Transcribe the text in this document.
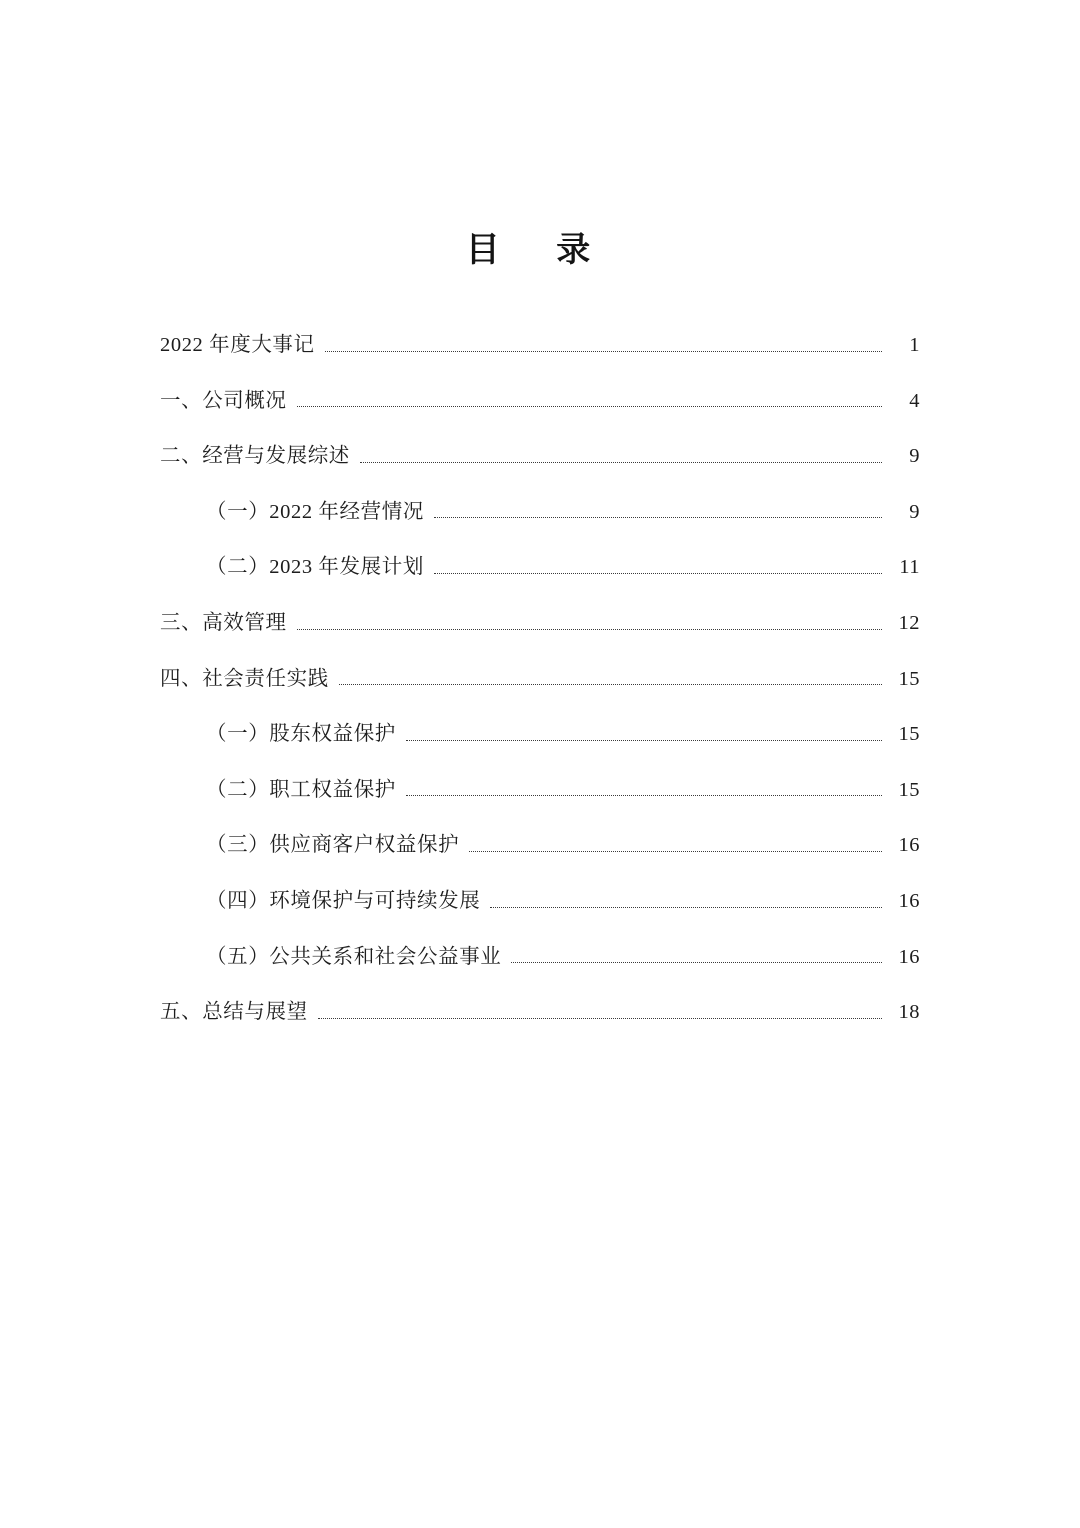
目 录
2022 年度大事记	1
一、公司概况	4
二、经营与发展综述	9
（一）2022 年经营情况	9
（二）2023 年发展计划	11
三、高效管理	12
四、社会责任实践	15
（一）股东权益保护	15
（二）职工权益保护	15
（三）供应商客户权益保护	16
（四）环境保护与可持续发展	16
（五）公共关系和社会公益事业	16
五、总结与展望	18
